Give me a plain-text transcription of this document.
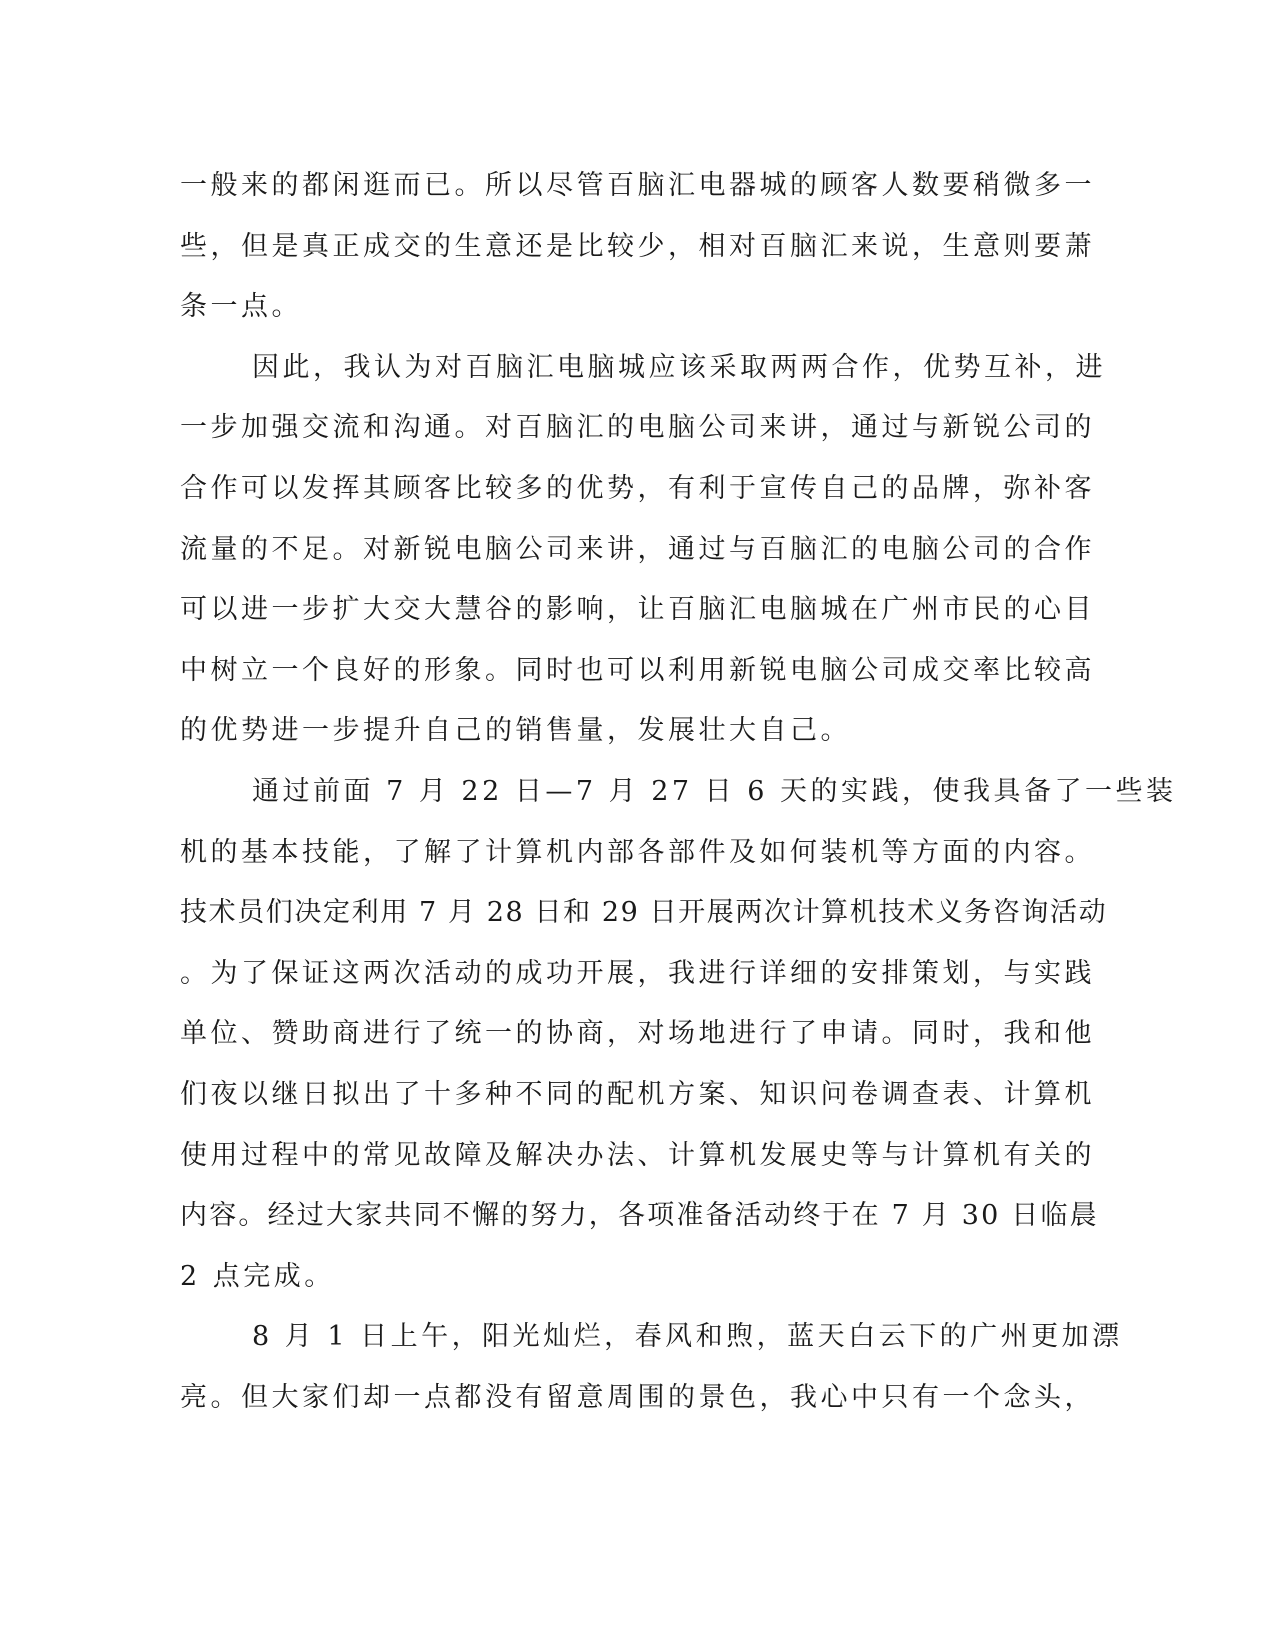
一般来的都闲逛而已。所以尽管百脑汇电器城的顾客人数要稍微多一
些，但是真正成交的生意还是比较少，相对百脑汇来说，生意则要萧
条一点。
因此，我认为对百脑汇电脑城应该采取两两合作，优势互补，进
一步加强交流和沟通。对百脑汇的电脑公司来讲，通过与新锐公司的
合作可以发挥其顾客比较多的优势，有利于宣传自己的品牌，弥补客
流量的不足。对新锐电脑公司来讲，通过与百脑汇的电脑公司的合作
可以进一步扩大交大慧谷的影响，让百脑汇电脑城在广州市民的心目
中树立一个良好的形象。同时也可以利用新锐电脑公司成交率比较高
的优势进一步提升自己的销售量，发展壮大自己。
通过前面 7 月 22 日—7 月 27 日 6 天的实践，使我具备了一些装
机的基本技能，了解了计算机内部各部件及如何装机等方面的内容。
技术员们决定利用 7 月 28 日和 29 日开展两次计算机技术义务咨询活动
。为了保证这两次活动的成功开展，我进行详细的安排策划，与实践
单位、赞助商进行了统一的协商，对场地进行了申请。同时，我和他
们夜以继日拟出了十多种不同的配机方案、知识问卷调查表、计算机
使用过程中的常见故障及解决办法、计算机发展史等与计算机有关的
内容。经过大家共同不懈的努力，各项准备活动终于在 7 月 30 日临晨
2 点完成。
8 月 1 日上午，阳光灿烂，春风和煦，蓝天白云下的广州更加漂
亮。但大家们却一点都没有留意周围的景色，我心中只有一个念头，
